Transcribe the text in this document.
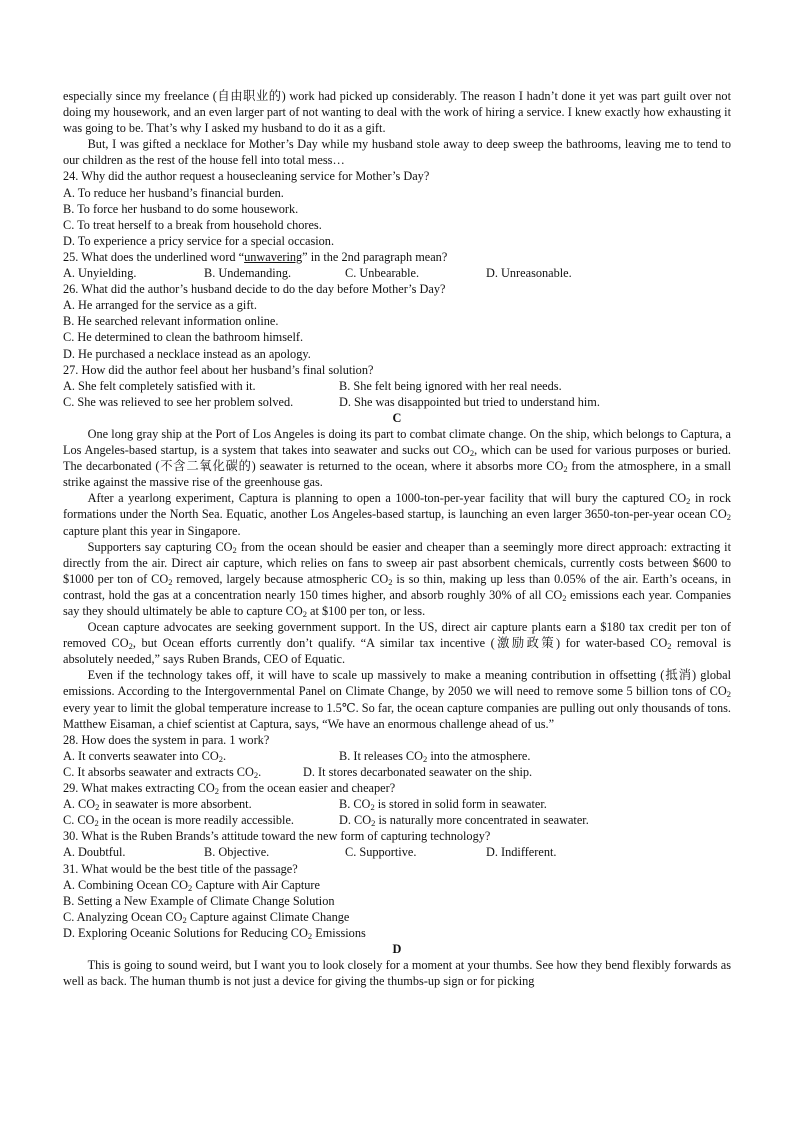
especially since my freelance (自由职业的) work had picked up considerably. The reason I hadn’t done it yet was part guilt over not doing my housework, and an even larger part of not wanting to deal with the work of hiring a service. I knew exactly how exhausting it was going to be. That’s why I asked my husband to do it as a gift.

But, I was gifted a necklace for Mother’s Day while my husband stole away to deep sweep the bathrooms, leaving me to tend to our children as the rest of the house fell into total mess…

24. Why did the author request a housecleaning service for Mother’s Day?

A. To reduce her husband’s financial burden.

B. To force her husband to do some housework.

C. To treat herself to a break from household chores.

D. To experience a pricy service for a special occasion.

25. What does the underlined word “unwavering” in the 2nd paragraph mean?

A. Unyielding.	B. Undemanding.	C. Unbearable.	D. Unreasonable.

26. What did the author’s husband decide to do the day before Mother’s Day?

A. He arranged for the service as a gift.

B. He searched relevant information online.

C. He determined to clean the bathroom himself.

D. He purchased a necklace instead as an apology.

27. How did the author feel about her husband’s final solution?

A. She felt completely satisfied with it.	B. She felt being ignored with her real needs.
C. She was relieved to see her problem solved.	D. She was disappointed but tried to understand him.

C

One long gray ship at the Port of Los Angeles is doing its part to combat climate change. On the ship, which belongs to Captura, a Los Angeles-based startup, is a system that takes into seawater and sucks out $CO_2$, which can be used for various purposes or buried. The decarbonated (不含二氧化碳的) seawater is returned to the ocean, where it absorbs more $CO_2$ from the atmosphere, in a small strike against the massive rise of the greenhouse gas.

After a yearlong experiment, Captura is planning to open a 1000-ton-per-year facility that will bury the captured $CO_2$ in rock formations under the North Sea. Equatic, another Los Angeles-based startup, is launching an even larger 3650-ton-per-year ocean $CO_2$ capture plant this year in Singapore.

Supporters say capturing $CO_2$ from the ocean should be easier and cheaper than a seemingly more direct approach: extracting it directly from the air. Direct air capture, which relies on fans to sweep air past absorbent chemicals, currently costs between $600 to $1000 per ton of $CO_2$ removed, largely because atmospheric $CO_2$ is so thin, making up less than 0.05% of the air. Earth’s oceans, in contrast, hold the gas at a concentration nearly 150 times higher, and absorb roughly 30% of all $CO_2$ emissions each year. Companies say they should ultimately be able to capture $CO_2$ at $100 per ton, or less.

Ocean capture advocates are seeking government support. In the US, direct air capture plants earn a $180 tax credit per ton of removed $CO_2$, but Ocean efforts currently don’t qualify. “A similar tax incentive (激励政策) for water-based $CO_2$ removal is absolutely needed,” says Ruben Brands, CEO of Equatic.

Even if the technology takes off, it will have to scale up massively to make a meaning contribution in offsetting (抵消) global emissions. According to the Intergovernmental Panel on Climate Change, by 2050 we will need to remove some 5 billion tons of $CO_2$ every year to limit the global temperature increase to 1.5℃. So far, the ocean capture companies are pulling out only thousands of tons. Matthew Eisaman, a chief scientist at Captura, says, “We have an enormous challenge ahead of us.”

28. How does the system in para. 1 work?

A. It converts seawater into $CO_2$.	B. It releases $CO_2$ into the atmosphere.
C. It absorbs seawater and extracts $CO_2$.	D. It stores decarbonated seawater on the ship.

29. What makes extracting $CO_2$ from the ocean easier and cheaper?

A. $CO_2$ in seawater is more absorbent.	B. $CO_2$ is stored in solid form in seawater.
C. $CO_2$ in the ocean is more readily accessible.	D. $CO_2$ is naturally more concentrated in seawater.

30. What is the Ruben Brands’s attitude toward the new form of capturing technology?

A. Doubtful.	B. Objective.	C. Supportive.	D. Indifferent.

31. What would be the best title of the passage?

A. Combining Ocean $CO_2$ Capture with Air Capture

B. Setting a New Example of Climate Change Solution

C. Analyzing Ocean $CO_2$ Capture against Climate Change

D. Exploring Oceanic Solutions for Reducing $CO_2$ Emissions

D

This is going to sound weird, but I want you to look closely for a moment at your thumbs. See how they bend flexibly forwards as well as back. The human thumb is not just a device for giving the thumbs-up sign or for picking
